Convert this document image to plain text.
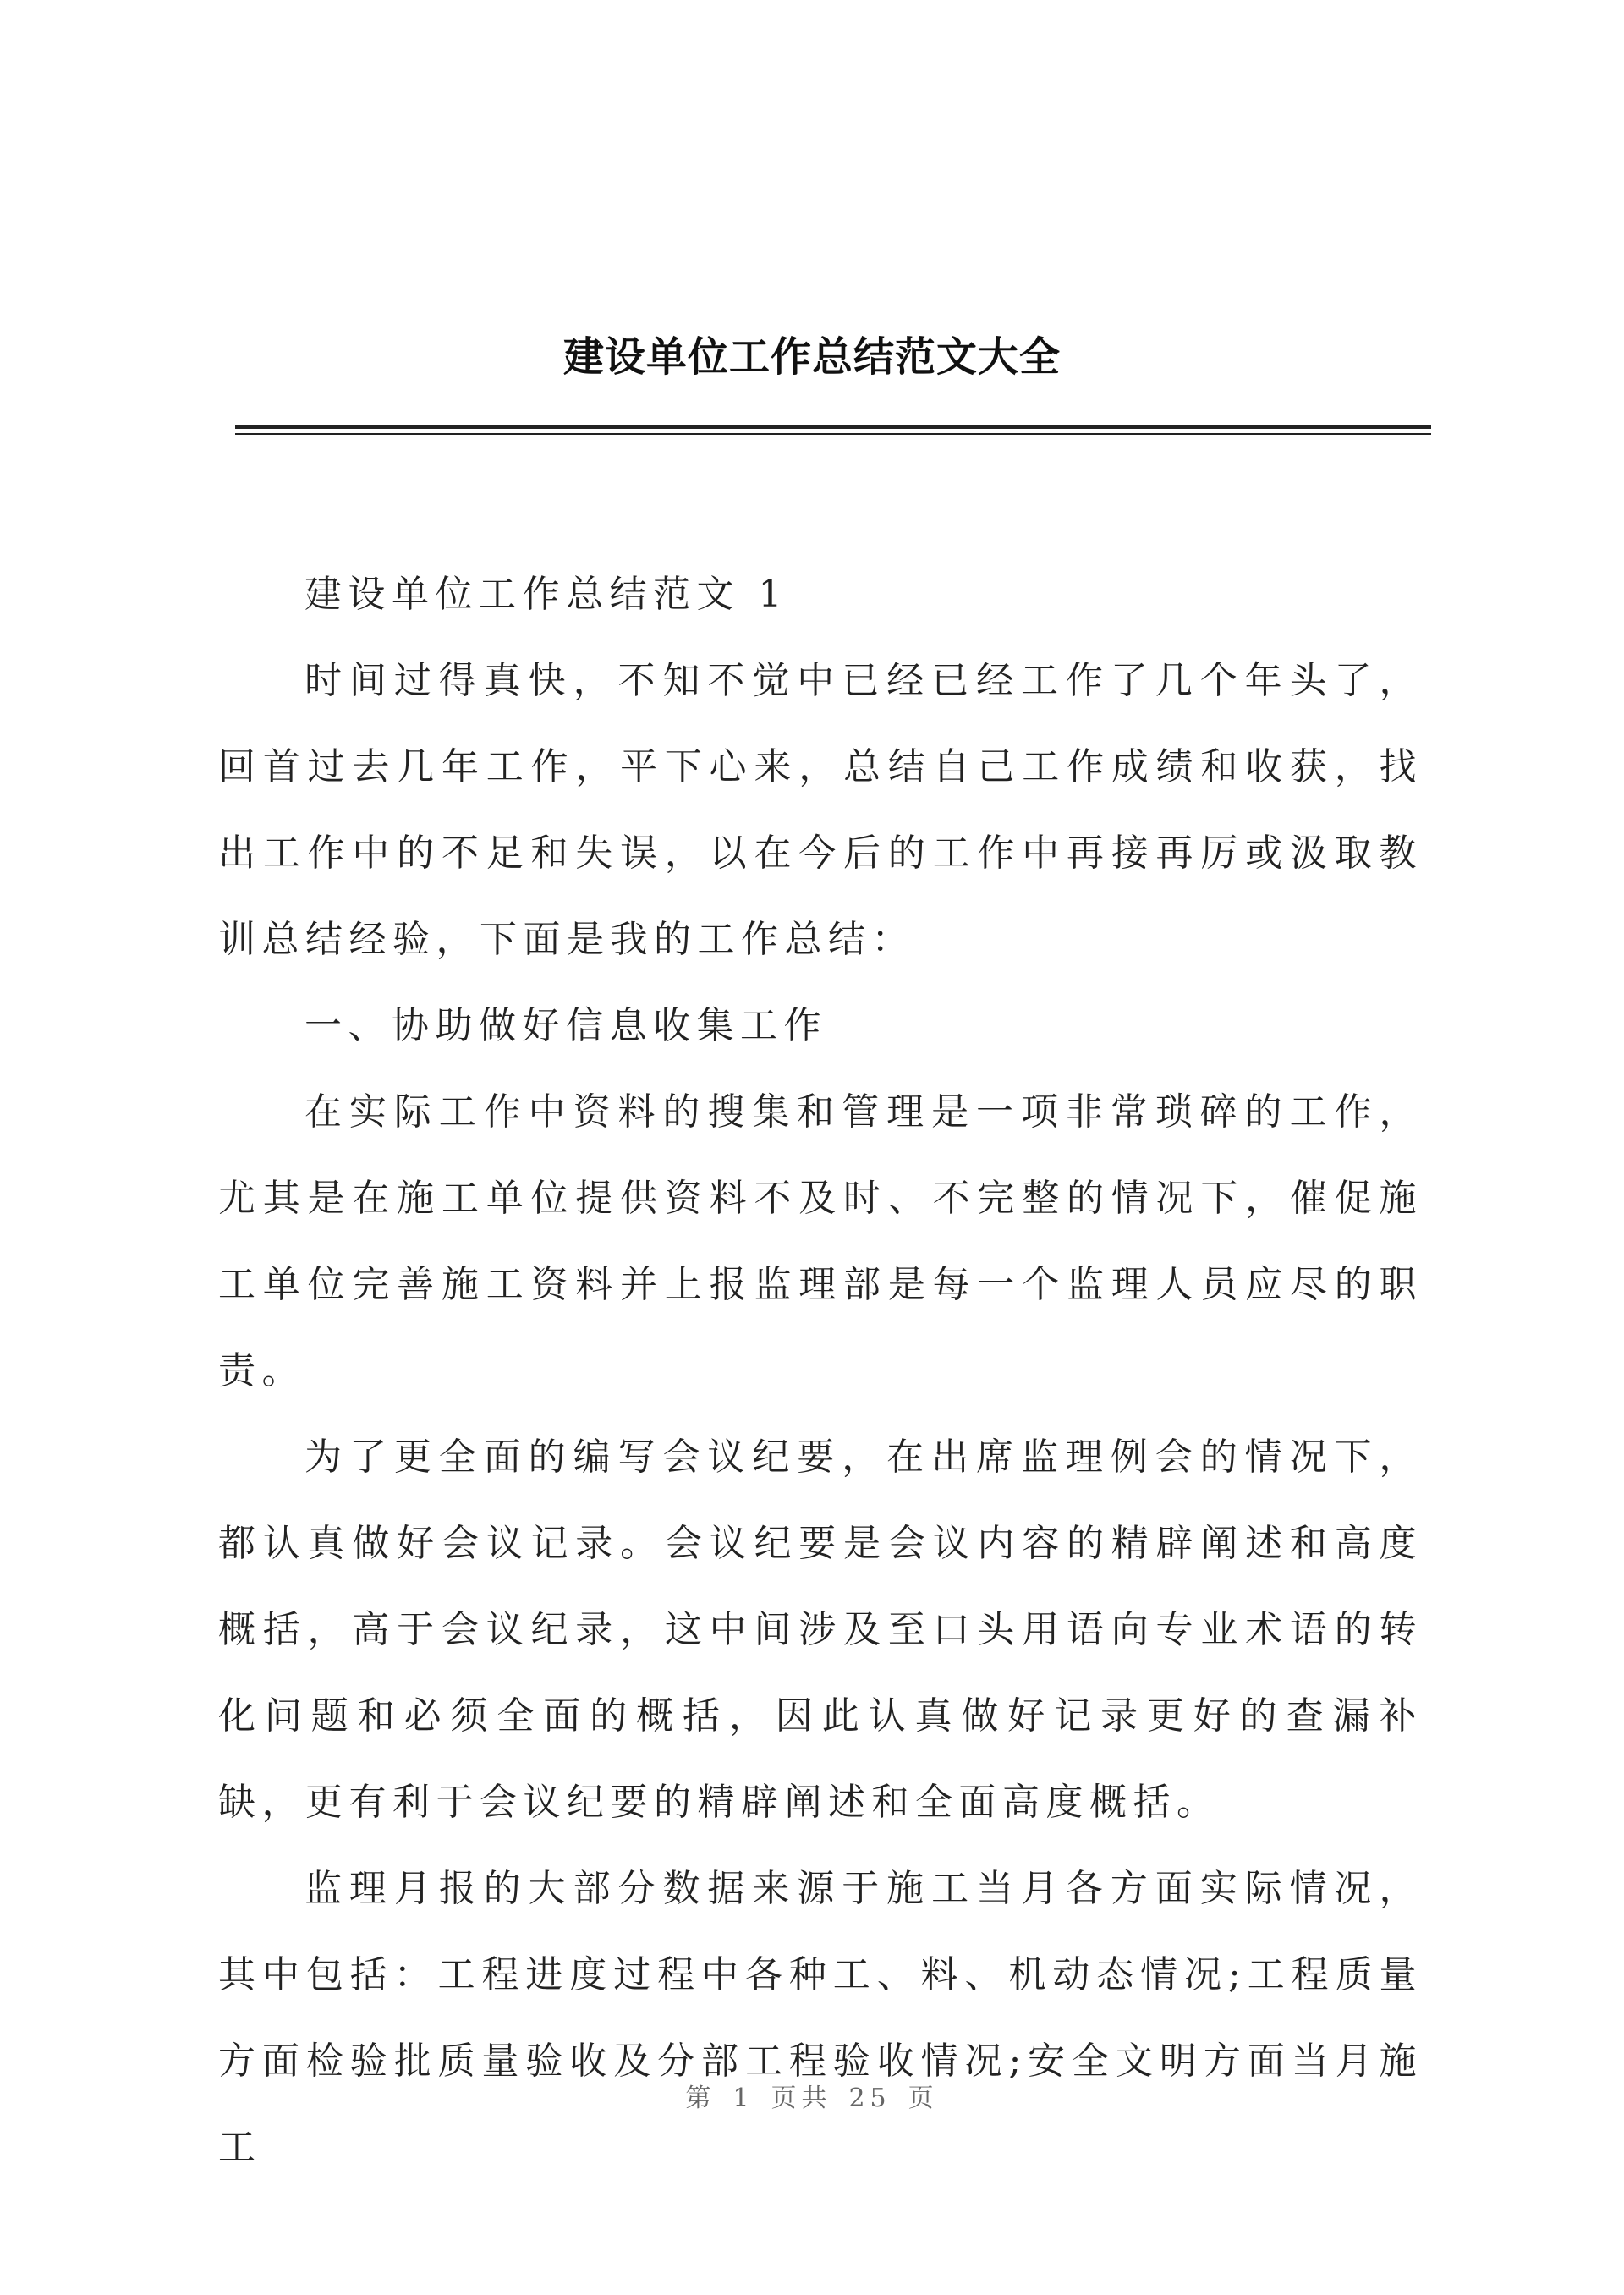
建设单位工作总结范文大全

建设单位工作总结范文 1

时间过得真快，不知不觉中已经已经工作了几个年头了，回首过去几年工作，平下心来，总结自己工作成绩和收获，找出工作中的不足和失误，以在今后的工作中再接再厉或汲取教训总结经验，下面是我的工作总结：

一、协助做好信息收集工作

在实际工作中资料的搜集和管理是一项非常琐碎的工作，尤其是在施工单位提供资料不及时、不完整的情况下，催促施工单位完善施工资料并上报监理部是每一个监理人员应尽的职责。

为了更全面的编写会议纪要，在出席监理例会的情况下，都认真做好会议记录。会议纪要是会议内容的精辟阐述和高度概括，高于会议纪录，这中间涉及至口头用语向专业术语的转化问题和必须全面的概括，因此认真做好记录更好的查漏补缺，更有利于会议纪要的精辟阐述和全面高度概括。

监理月报的大部分数据来源于施工当月各方面实际情况，其中包括：工程进度过程中各种工、料、机动态情况;工程质量方面检验批质量验收及分部工程验收情况;安全文明方面当月施工

第 1 页共 25 页
